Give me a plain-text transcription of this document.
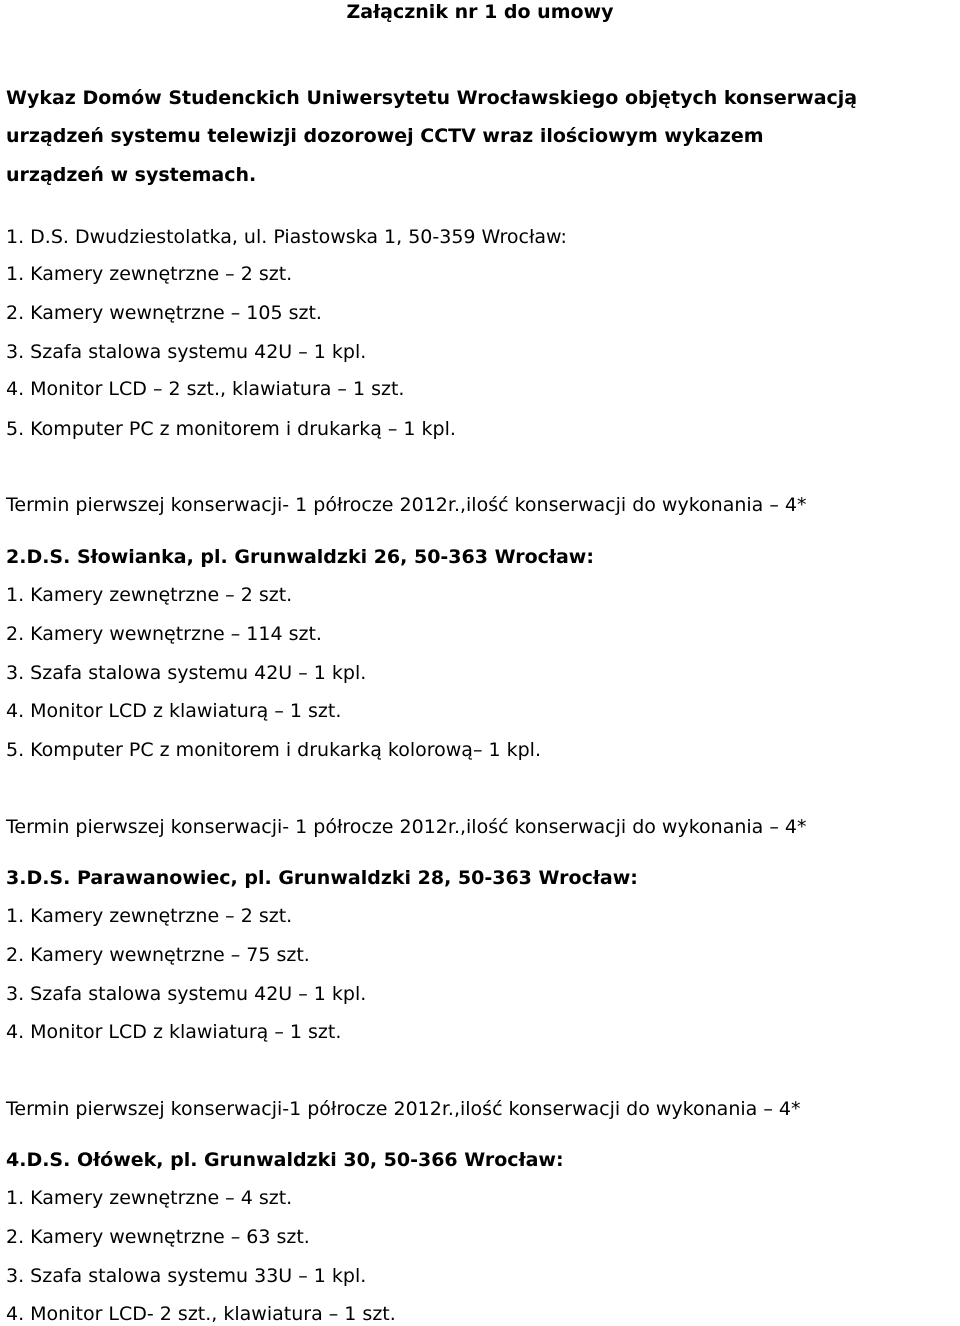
Załącznik nr 1 do umowy

Wykaz Domów Studenckich Uniwersytetu Wrocławskiego objętych konserwacją

urządzeń systemu telewizji dozorowej CCTV wraz ilościowym wykazem

urządzeń w systemach.

1. D.S. Dwudziestolatka, ul. Piastowska 1, 50-359 Wrocław:

1. Kamery zewnętrzne – 2 szt.

2. Kamery wewnętrzne – 105 szt.

3. Szafa stalowa systemu 42U – 1 kpl.

4. Monitor LCD – 2 szt., klawiatura – 1 szt.

5. Komputer PC z monitorem i drukarką – 1 kpl.

Termin pierwszej konserwacji- 1 półrocze 2012r.,ilość konserwacji do wykonania – 4*

2.D.S. Słowianka, pl. Grunwaldzki 26, 50-363 Wrocław:

1. Kamery zewnętrzne – 2 szt.

2. Kamery wewnętrzne – 114 szt.

3. Szafa stalowa systemu 42U – 1 kpl.

4. Monitor LCD z klawiaturą – 1 szt.

5. Komputer PC z monitorem i drukarką kolorową– 1 kpl.

Termin pierwszej konserwacji- 1 półrocze 2012r.,ilość konserwacji do wykonania – 4*

3.D.S. Parawanowiec, pl. Grunwaldzki 28, 50-363 Wrocław:

1. Kamery zewnętrzne – 2 szt.

2. Kamery wewnętrzne – 75 szt.

3. Szafa stalowa systemu 42U – 1 kpl.

4. Monitor LCD z klawiaturą – 1 szt.

Termin pierwszej konserwacji-1 półrocze 2012r.,ilość konserwacji do wykonania – 4*

4.D.S. Ołówek, pl. Grunwaldzki 30, 50-366 Wrocław:

1. Kamery zewnętrzne – 4 szt.

2. Kamery wewnętrzne – 63 szt.

3. Szafa stalowa systemu 33U – 1 kpl.

4. Monitor LCD- 2 szt., klawiatura – 1 szt.
